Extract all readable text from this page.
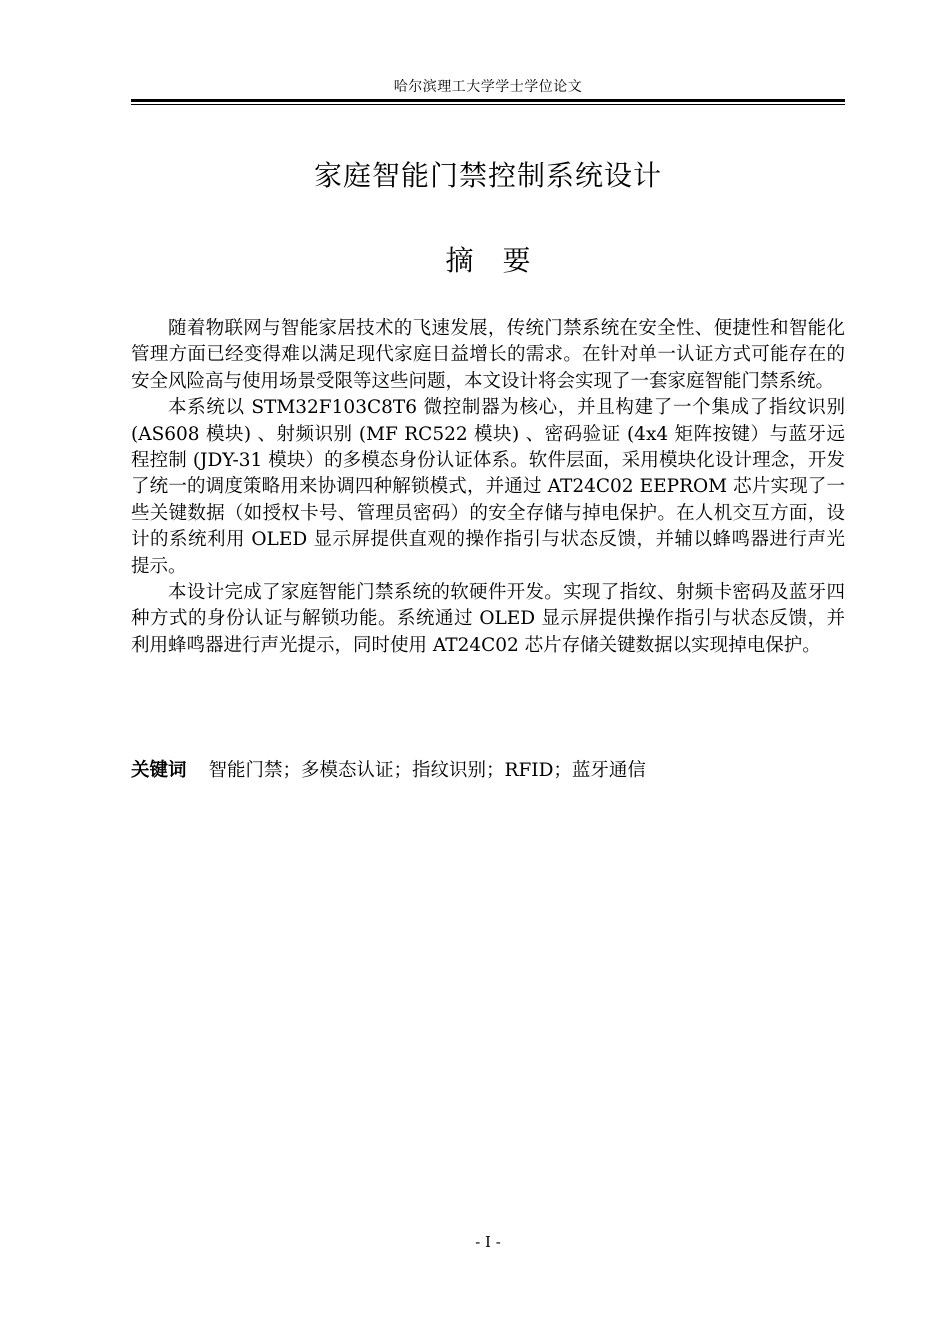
哈尔滨理工大学学士学位论文
家庭智能门禁控制系统设计
摘 要

随着物联网与智能家居技术的飞速发展，传统门禁系统在安全性、便捷性和智能化管理方面已经变得难以满足现代家庭日益增长的需求。在针对单一认证方式可能存在的安全风险高与使用场景受限等这些问题，本文设计将会实现了一套家庭智能门禁系统。

本系统以 STM32F103C8T6 微控制器为核心，并且构建了一个集成了指纹识别 (AS608 模块) 、射频识别 (MF RC522 模块) 、密码验证 (4x4 矩阵按键）与蓝牙远程控制 (JDY-31 模块）的多模态身份认证体系。软件层面，采用模块化设计理念，开发了统一的调度策略用来协调四种解锁模式，并通过 AT24C02 EEPROM 芯片实现了一些关键数据（如授权卡号、管理员密码）的安全存储与掉电保护。在人机交互方面，设计的系统利用 OLED 显示屏提供直观的操作指引与状态反馈，并辅以蜂鸣器进行声光提示。

本设计完成了家庭智能门禁系统的软硬件开发。实现了指纹、射频卡密码及蓝牙四种方式的身份认证与解锁功能。系统通过 OLED 显示屏提供操作指引与状态反馈，并利用蜂鸣器进行声光提示，同时使用 AT24C02 芯片存储关键数据以实现掉电保护。

关键词 智能门禁；多模态认证；指纹识别；RFID；蓝牙通信
- I -
